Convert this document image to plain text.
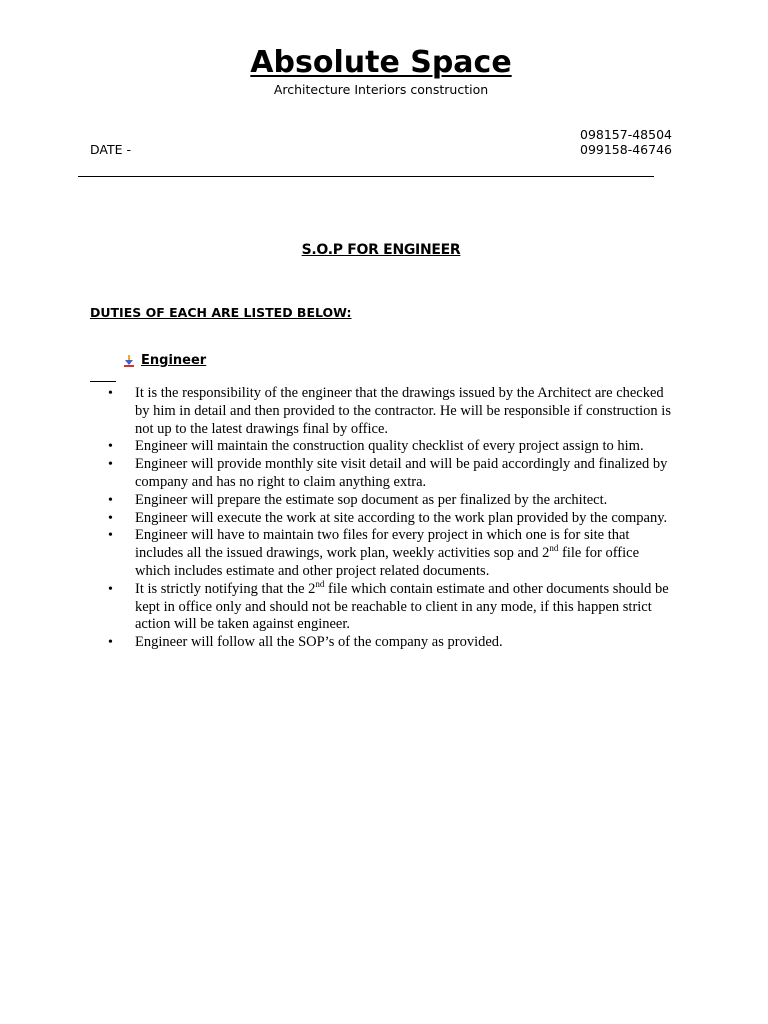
Absolute Space
Architecture Interiors construction
DATE -
098157-48504
099158-46746
S.O.P FOR ENGINEER
DUTIES OF EACH ARE LISTED BELOW:
Engineer
• It is the responsibility of the engineer that the drawings issued by the Architect are checked by him in detail and then provided to the contractor. He will be responsible if construction is not up to the latest drawings final by office.
• Engineer will maintain the construction quality checklist of every project assign to him.
• Engineer will provide monthly site visit detail and will be paid accordingly and finalized by company and has no right to claim anything extra.
• Engineer will prepare the estimate sop document as per finalized by the architect.
• Engineer will execute the work at site according to the work plan provided by the company.
• Engineer will have to maintain two files for every project in which one is for site that includes all the issued drawings, work plan, weekly activities sop and 2nd file for office which includes estimate and other project related documents.
• It is strictly notifying that the 2nd file which contain estimate and other documents should be kept in office only and should not be reachable to client in any mode, if this happen strict action will be taken against engineer.
• Engineer will follow all the SOP’s of the company as provided.
